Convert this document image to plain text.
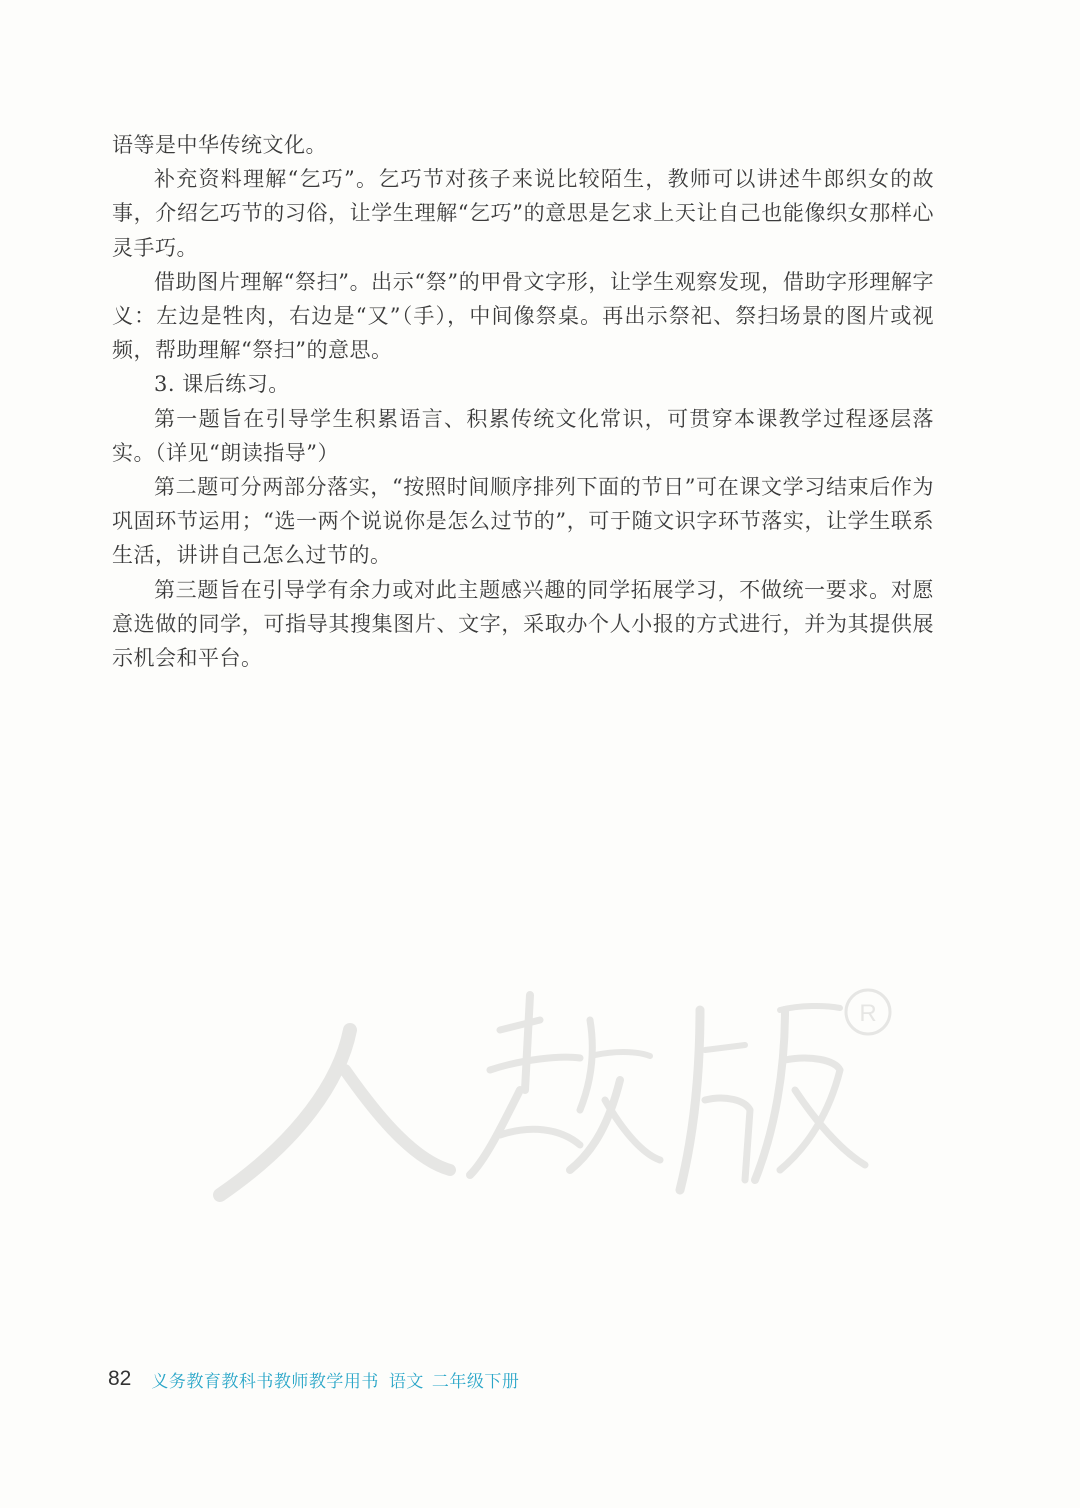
语等是中华传统文化。

补充资料理解“乞巧”。乞巧节对孩子来说比较陌生，教师可以讲述牛郎织女的故事，介绍乞巧节的习俗，让学生理解“乞巧”的意思是乞求上天让自己也能像织女那样心灵手巧。

借助图片理解“祭扫”。出示“祭”的甲骨文字形，让学生观察发现，借助字形理解字义：左边是牲肉，右边是“又”（手），中间像祭桌。再出示祭祀、祭扫场景的图片或视频，帮助理解“祭扫”的意思。

3. 课后练习。

第一题旨在引导学生积累语言、积累传统文化常识，可贯穿本课教学过程逐层落实。（详见“朗读指导”）

第二题可分两部分落实，“按照时间顺序排列下面的节日”可在课文学习结束后作为巩固环节运用；“选一两个说说你是怎么过节的”，可于随文识字环节落实，让学生联系生活，讲讲自己怎么过节的。

第三题旨在引导学有余力或对此主题感兴趣的同学拓展学习，不做统一要求。对愿意选做的同学，可指导其搜集图片、文字，采取办个人小报的方式进行，并为其提供展示机会和平台。

R
82 义务教育教科书教师教学用书 语文 二年级下册
